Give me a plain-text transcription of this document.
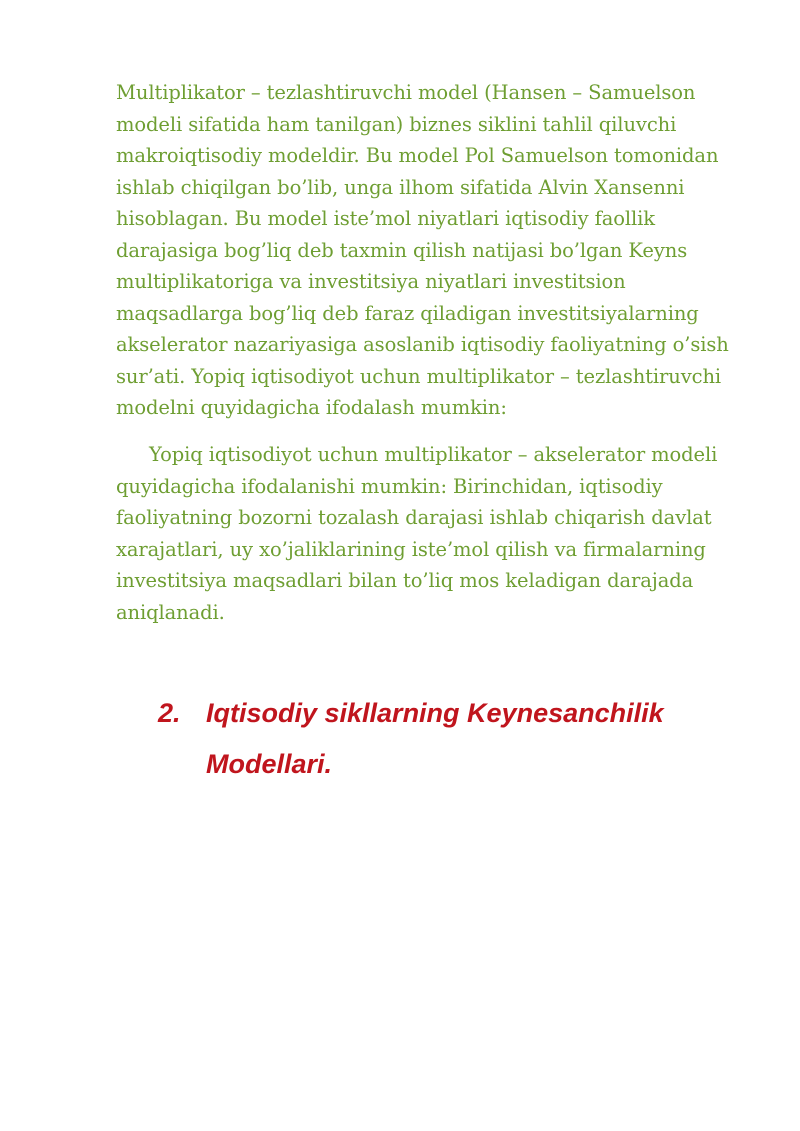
Multiplikator – tezlashtiruvchi model (Hansen – Samuelson modeli sifatida ham tanilgan) biznes siklini tahlil qiluvchi makroiqtisodiy modeldir. Bu model Pol Samuelson tomonidan ishlab chiqilgan bo’lib, unga ilhom sifatida Alvin Xansenni hisoblagan. Bu model iste’mol niyatlari iqtisodiy faollik darajasiga bog’liq deb taxmin qilish natijasi bo’lgan Keyns multiplikatoriga va investitsiya niyatlari investitsion maqsadlarga bog’liq deb faraz qiladigan investitsiyalarning akselerator nazariyasiga asoslanib iqtisodiy faoliyatning o’sish sur’ati. Yopiq iqtisodiyot uchun multiplikator – tezlashtiruvchi modelni quyidagicha ifodalash mumkin:

Yopiq iqtisodiyot uchun multiplikator – akselerator modeli quyidagicha ifodalanishi mumkin: Birinchidan, iqtisodiy faoliyatning bozorni tozalash darajasi ishlab chiqarish davlat xarajatlari, uy xo’jaliklarining iste’mol qilish va firmalarning investitsiya maqsadlari bilan to’liq mos keladigan darajada aniqlanadi.

2. Iqtisodiy sikllarning Keynesanchilik Modellari.
